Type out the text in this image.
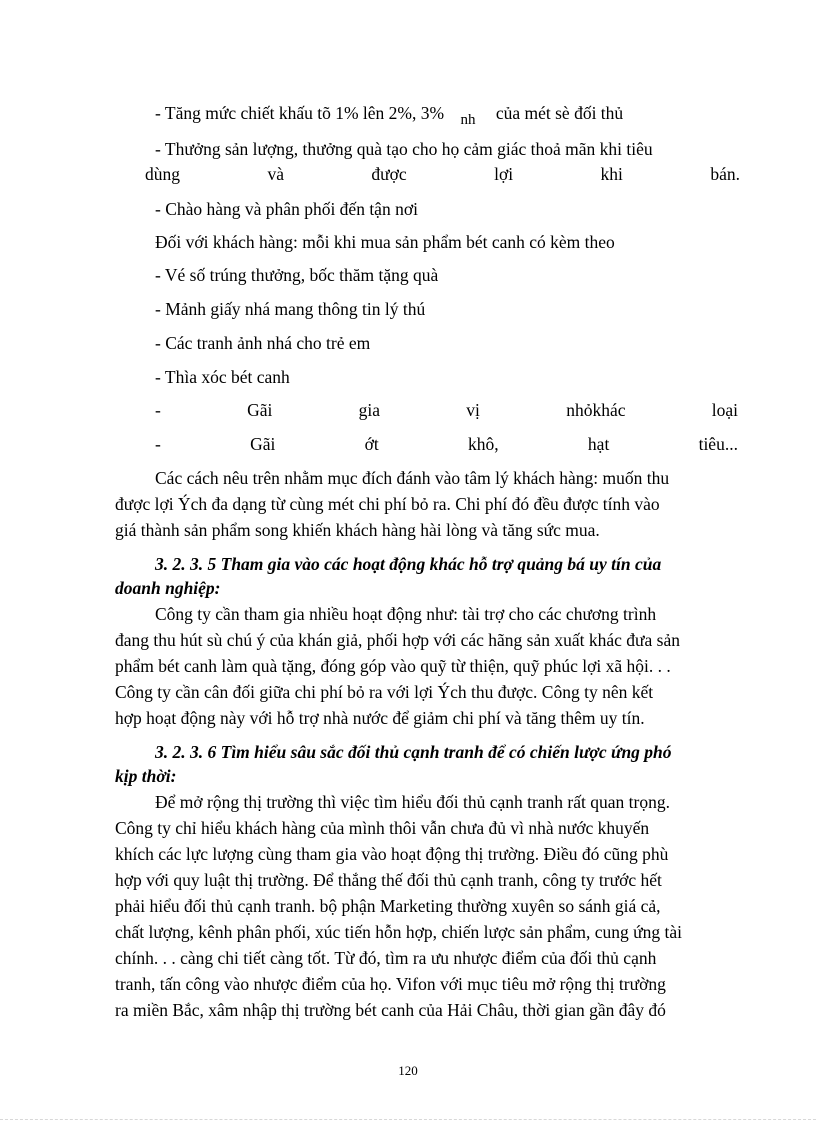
- Tăng mức chiết khấu tõ 1% lên 2%, 3% nh của mét sè đối thủ
- Thưởng sản lượng, thưởng quà tạo cho họ cảm giác thoả mãn khi tiêu
dùng	và	được	lợi	khi	bán.
- Chào hàng và phân phối đến tận nơi
Đối với khách hàng: mỗi khi mua sản phẩm bét canh có kèm theo
- Vé số trúng thưởng, bốc thăm tặng quà
- Mảnh giấy nhá mang thông tin lý thú
- Các tranh ảnh nhá cho trẻ em
- Thìa xóc bét canh
-	Gãi	gia	vị	nhỏkhác	loại
-	Gãi	ớt	khô,	hạt	tiêu...
Các cách nêu trên nhằm mục đích đánh vào tâm lý khách hàng: muốn thu
được lợi Ých đa dạng từ cùng mét chi phí bỏ ra. Chi phí đó đều được tính vào
giá thành sản phẩm song khiến khách hàng hài lòng và tăng sức mua.
3. 2. 3. 5 Tham gia vào các hoạt động khác hỗ trợ quảng bá uy tín của
doanh nghiệp:
Công ty cần tham gia nhiều hoạt động như: tài trợ cho các chương trình
đang thu hút sù chú ý của khán giả, phối hợp với các hãng sản xuất khác đưa sản
phẩm bét canh làm quà tặng, đóng góp vào quỹ từ thiện, quỹ phúc lợi xã hội. . .
Công ty cần cân đối giữa chi phí bỏ ra với lợi Ých thu được. Công ty nên kết
hợp hoạt động này với hỗ trợ nhà nước để giảm chi phí và tăng thêm uy tín.
3. 2. 3. 6 Tìm hiểu sâu sắc đối thủ cạnh tranh để có chiến lược ứng phó
kịp thời:
Để mở rộng thị trường thì việc tìm hiểu đối thủ cạnh tranh rất quan trọng.
Công ty chỉ hiểu khách hàng của mình thôi vẫn chưa đủ vì nhà nước khuyến
khích các lực lượng cùng tham gia vào hoạt động thị trường. Điều đó cũng phù
hợp với quy luật thị trường. Để thắng thế đối thủ cạnh tranh, công ty trước hết
phải hiểu đối thủ cạnh tranh. bộ phận Marketing thường xuyên so sánh giá cả,
chất lượng, kênh phân phối, xúc tiến hỗn hợp, chiến lược sản phẩm, cung ứng tài
chính. . . càng chi tiết càng tốt. Từ đó, tìm ra ưu nhược điểm của đối thủ cạnh
tranh, tấn công vào nhược điểm của họ. Vifon với mục tiêu mở rộng thị trường
ra miền Bắc, xâm nhập thị trường bét canh của Hải Châu, thời gian gần đây đó
120
